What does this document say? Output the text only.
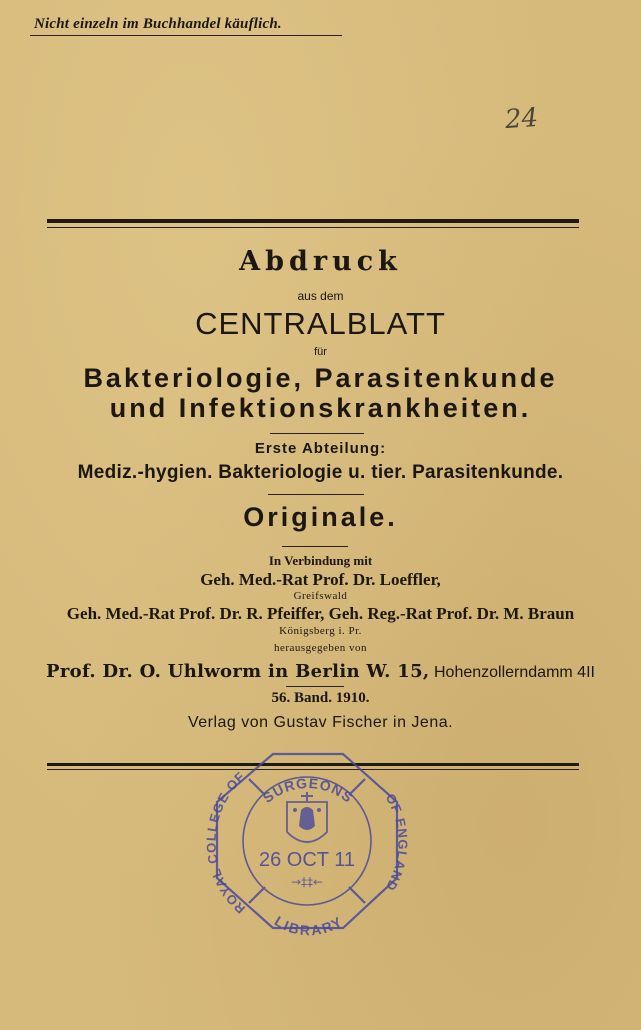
Nicht einzeln im Buchhandel käuflich.
24
Abdruck
aus dem
CENTRALBLATT
für
Bakteriologie, Parasitenkunde
und Infektionskrankheiten.
Erste Abteilung:
Mediz.-hygien. Bakteriologie u. tier. Parasitenkunde.
Originale.
In Verbindung mit
Geh. Med.-Rat Prof. Dr. Loeffler,
Greifswald
Geh. Med.-Rat Prof. Dr. R. Pfeiffer, Geh. Reg.-Rat Prof. Dr. M. Braun
Königsberg i. Pr.
herausgegeben von
Prof. Dr. O. Uhlworm in Berlin W. 15, Hohenzollerndamm 4II
56. Band. 1910.
Verlag von Gustav Fischer in Jena.
SURGEONS
ROYAL COLLEGE OF
OF ENGLAND
LIBRARY
26 OCT 11
→‡‡←
